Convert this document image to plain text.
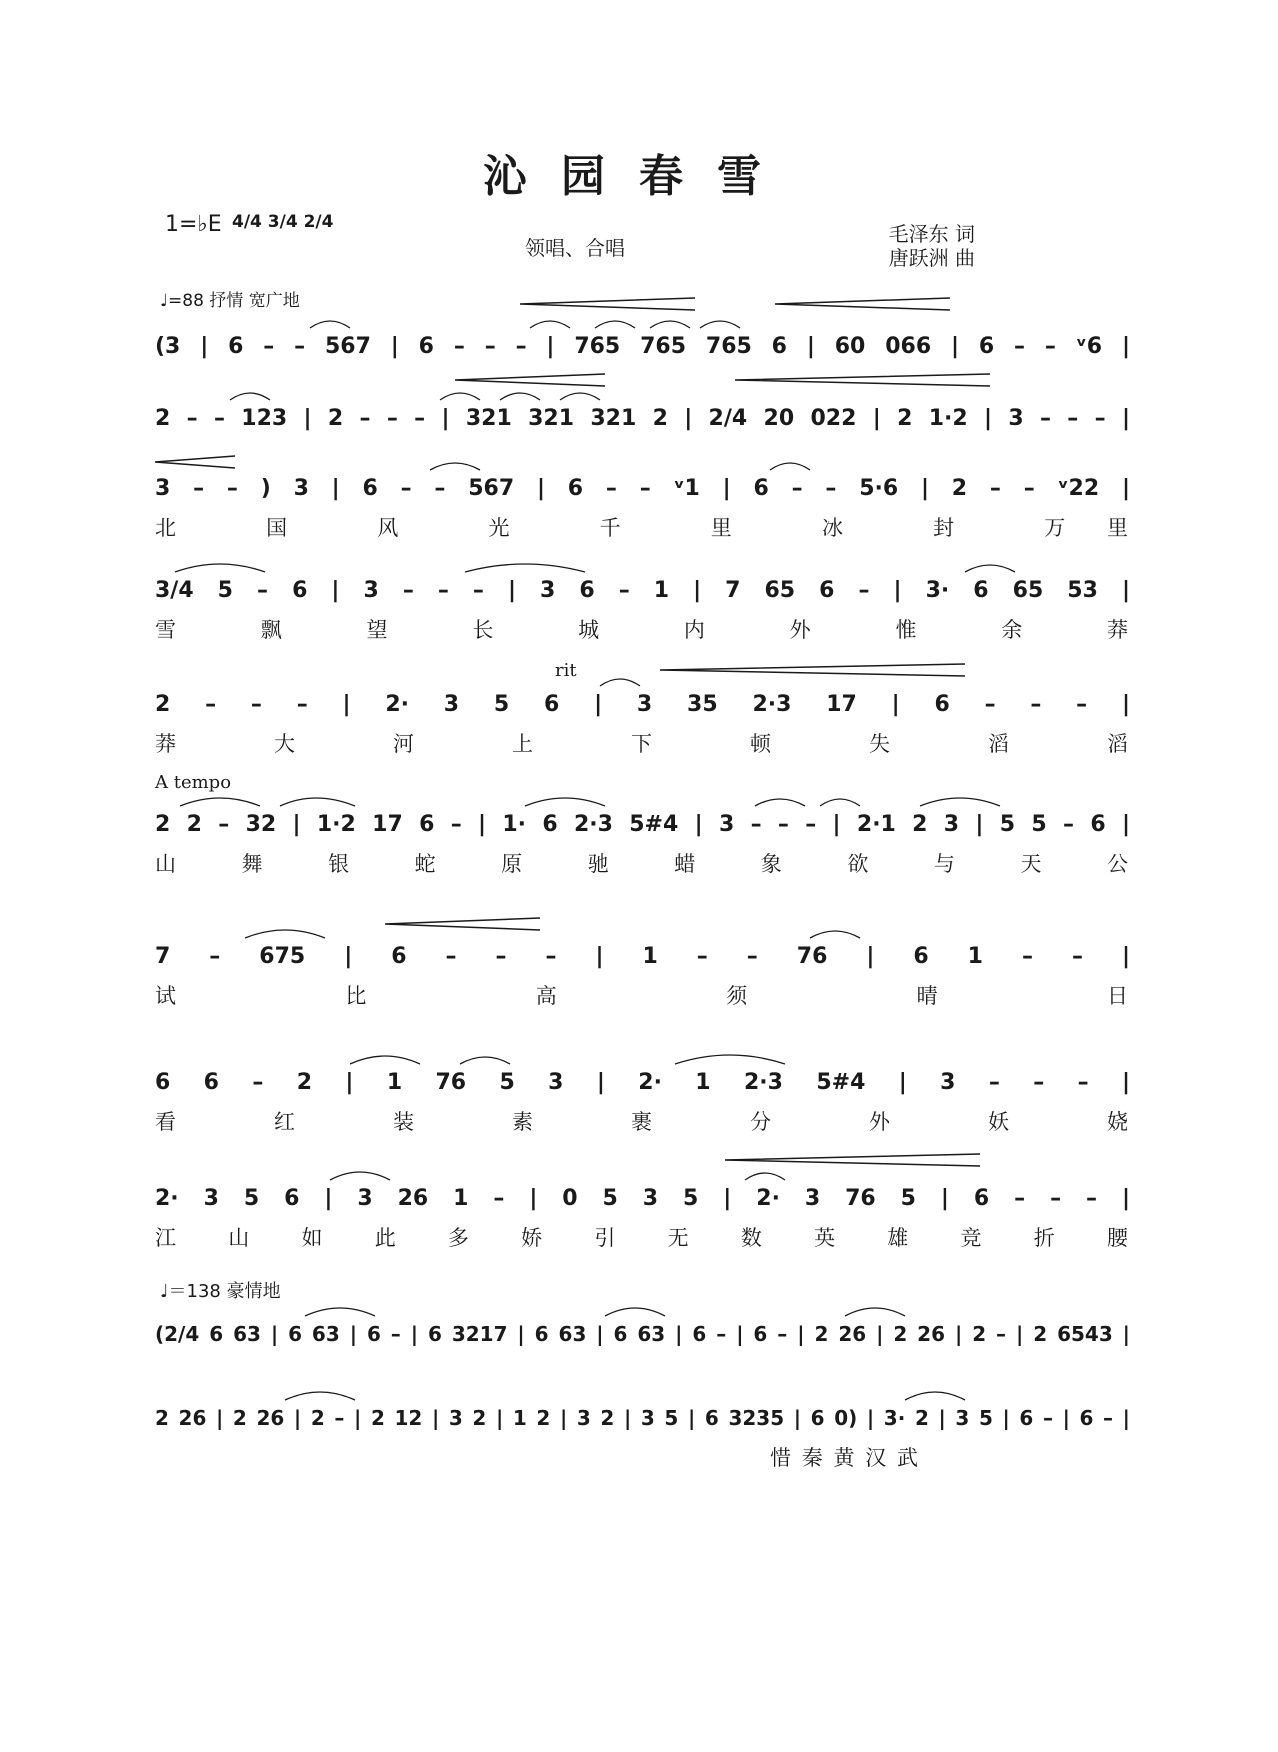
沁园春雪
1=♭E 4/4 3/4 2/4
领唱、合唱
毛泽东 词
唐跃洲 曲
♩=88 抒情 宽广地
(3 | 6 – – 567 | 6 – – – | 765 765 765 6 | 60 066 | 6 – – ᵛ6 |
2 – – 123 | 2 – – – | 321 321 321 2 | 2/4 20 022 | 2 1·2 | 3 – – – |
3 – – ) 3 | 6 – – 567 | 6 – – ᵛ1 | 6 – – 5·6 | 2 – – ᵛ22 |
北 国 风 光 千 里 冰 封 万里
3/4 5 – 6 | 3 – – – | 3 6 – 1 | 7 65 6 – | 3· 6 65 53 |
雪 飘 望 长 城 内 外 惟 余 莽
rit
2 – – – | 2· 3 5 6 | 3 35 2·3 17 | 6 – – – |
莽 大 河 上 下 顿 失 滔 滔
A tempo
2 2 – 32 | 1·2 17 6 – | 1· 6 2·3 5#4 | 3 – – – | 2·1 2 3 | 5 5 – 6 |
山 舞 银 蛇 原 驰 蜡 象 欲 与 天 公
7 – 675 | 6 – – – | 1 – – 76 | 6 1 – – |
试 比 高 须 晴 日
6 6 – 2 | 1 76 5 3 | 2· 1 2·3 5#4 | 3 – – – |
看 红 装 素 裹 分 外 妖 娆
2· 3 5 6 | 3 26 1 – | 0 5 3 5 | 2· 3 76 5 | 6 – – – |
江 山 如 此 多 娇 引 无 数 英 雄 竞 折 腰
♩＝138 豪情地
(2/4 6 63 | 6 63 | 6 – | 6 3217 | 6 63 | 6 63 | 6 – | 6 – | 2 26 | 2 26 | 2 – | 2 6543 |
2 26 | 2 26 | 2 – | 2 12 | 3 2 | 1 2 | 3 2 | 3 5 | 6 3235 | 6 0) | 3· 2 | 3 5 | 6 – | 6 – |
惜 秦 黄 汉 武
